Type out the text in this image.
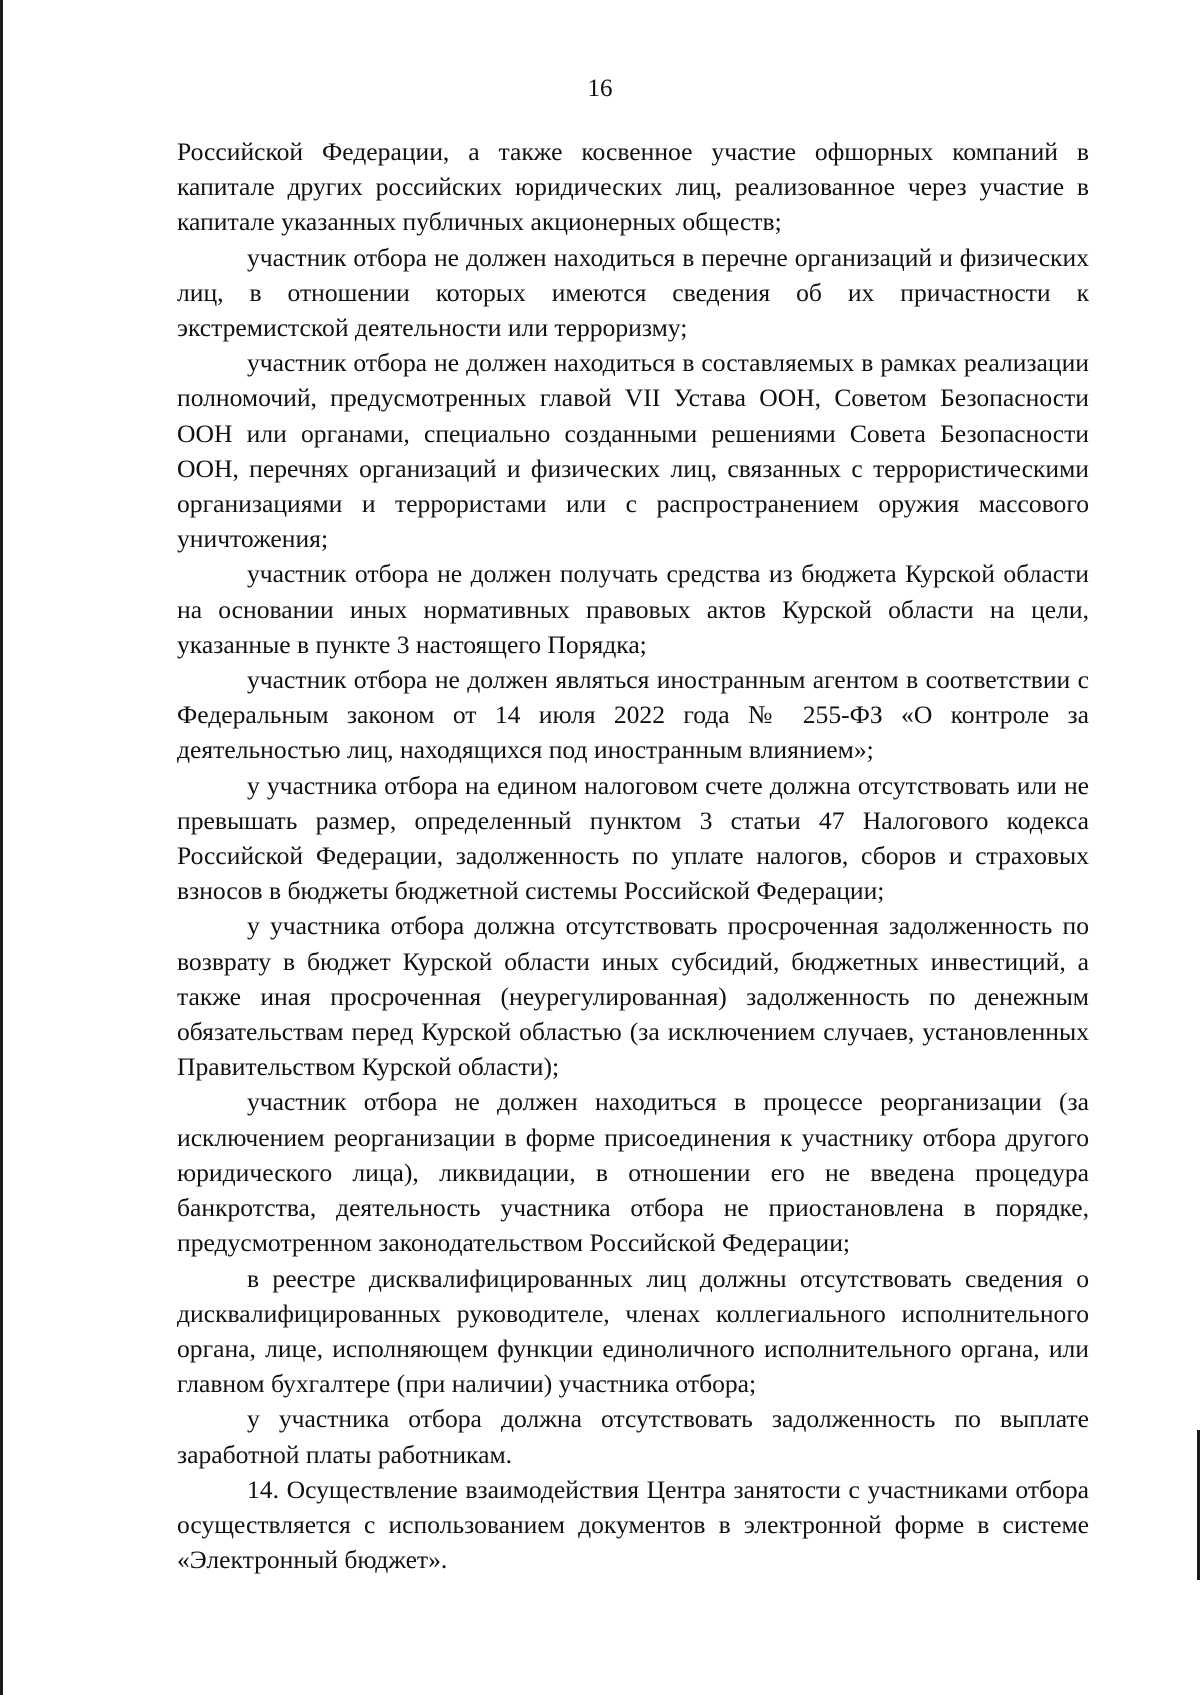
16

Российской Федерации, а также косвенное участие офшорных компаний в капитале других российских юридических лиц, реализованное через участие в капитале указанных публичных акционерных обществ;

участник отбора не должен находиться в перечне организаций и физических лиц, в отношении которых имеются сведения об их причастности к экстремистской деятельности или терроризму;

участник отбора не должен находиться в составляемых в рамках реализации полномочий, предусмотренных главой VII Устава ООН, Советом Безопасности ООН или органами, специально созданными решениями Совета Безопасности ООН, перечнях организаций и физических лиц, связанных с террористическими организациями и террористами или с распространением оружия массового уничтожения;

участник отбора не должен получать средства из бюджета Курской области на основании иных нормативных правовых актов Курской области на цели, указанные в пункте 3 настоящего Порядка;

участник отбора не должен являться иностранным агентом в соответствии с Федеральным законом от 14 июля 2022 года № 255-ФЗ «О контроле за деятельностью лиц, находящихся под иностранным влиянием»;

у участника отбора на едином налоговом счете должна отсутствовать или не превышать размер, определенный пунктом 3 статьи 47 Налогового кодекса Российской Федерации, задолженность по уплате налогов, сборов и страховых взносов в бюджеты бюджетной системы Российской Федерации;

у участника отбора должна отсутствовать просроченная задолженность по возврату в бюджет Курской области иных субсидий, бюджетных инвестиций, а также иная просроченная (неурегулированная) задолженность по денежным обязательствам перед Курской областью (за исключением случаев, установленных Правительством Курской области);

участник отбора не должен находиться в процессе реорганизации (за исключением реорганизации в форме присоединения к участнику отбора другого юридического лица), ликвидации, в отношении его не введена процедура банкротства, деятельность участника отбора не приостановлена в порядке, предусмотренном законодательством Российской Федерации;

в реестре дисквалифицированных лиц должны отсутствовать сведения о дисквалифицированных руководителе, членах коллегиального исполнительного органа, лице, исполняющем функции единоличного исполнительного органа, или главном бухгалтере (при наличии) участника отбора;

у участника отбора должна отсутствовать задолженность по выплате заработной платы работникам.

14. Осуществление взаимодействия Центра занятости с участниками отбора осуществляется с использованием документов в электронной форме в системе «Электронный бюджет».
